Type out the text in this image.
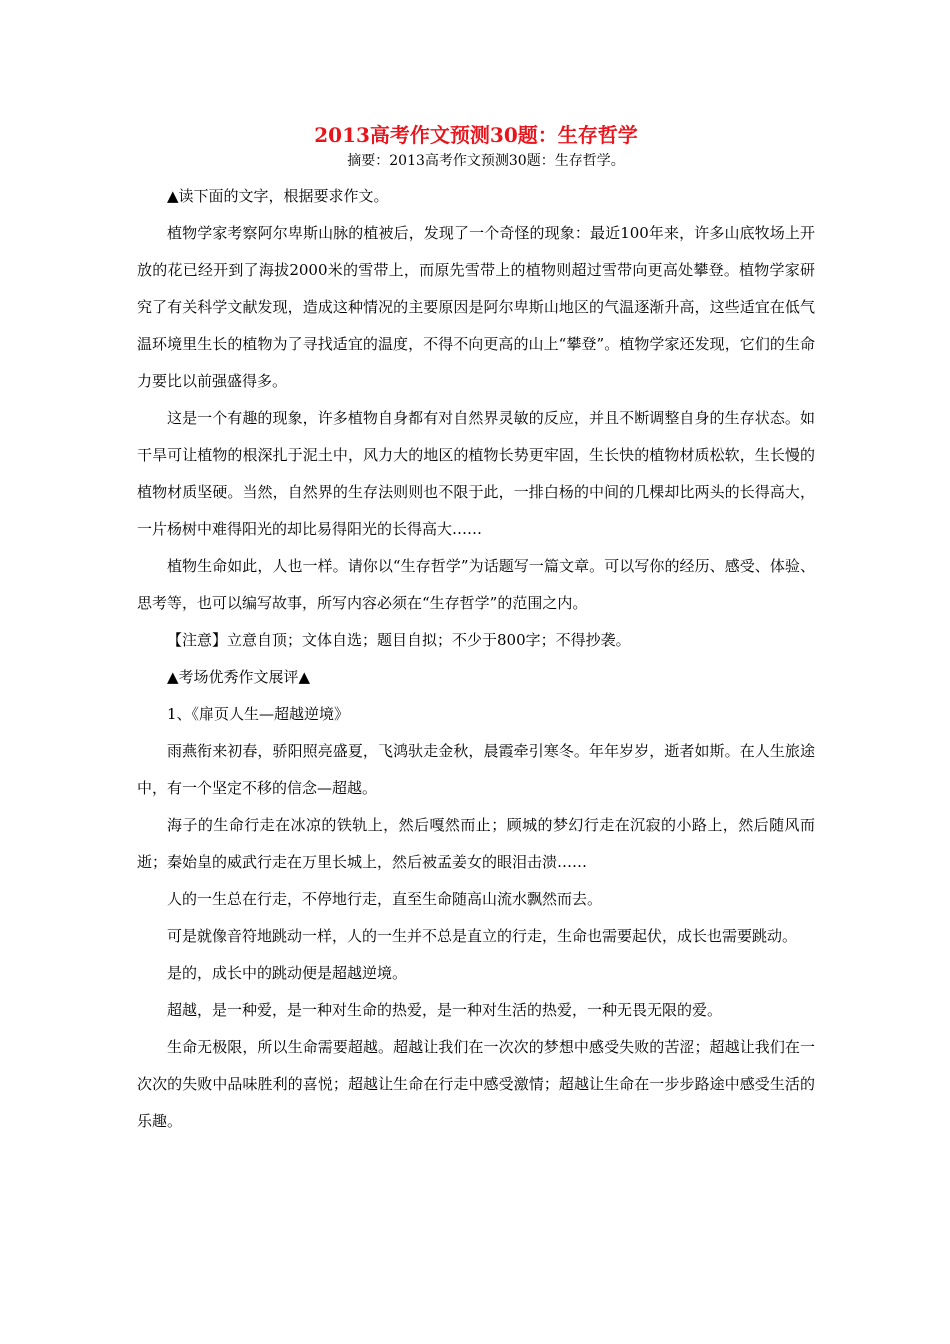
2013高考作文预测30题：生存哲学

摘要：2013高考作文预测30题：生存哲学。

▲读下面的文字，根据要求作文。

植物学家考察阿尔卑斯山脉的植被后，发现了一个奇怪的现象：最近100年来，许多山底牧场上开放的花已经开到了海拔2000米的雪带上，而原先雪带上的植物则超过雪带向更高处攀登。植物学家研究了有关科学文献发现，造成这种情况的主要原因是阿尔卑斯山地区的气温逐渐升高，这些适宜在低气温环境里生长的植物为了寻找适宜的温度，不得不向更高的山上“攀登”。植物学家还发现，它们的生命力要比以前强盛得多。

这是一个有趣的现象，许多植物自身都有对自然界灵敏的反应，并且不断调整自身的生存状态。如干旱可让植物的根深扎于泥土中，风力大的地区的植物长势更牢固，生长快的植物材质松软，生长慢的植物材质坚硬。当然，自然界的生存法则则也不限于此，一排白杨的中间的几棵却比两头的长得高大，一片杨树中难得阳光的却比易得阳光的长得高大……

植物生命如此，人也一样。请你以“生存哲学”为话题写一篇文章。可以写你的经历、感受、体验、思考等，也可以编写故事，所写内容必须在“生存哲学”的范围之内。

【注意】立意自顶；文体自选；题目自拟；不少于800字；不得抄袭。

▲考场优秀作文展评▲

1、《扉页人生—超越逆境》

雨燕衔来初春，骄阳照亮盛夏，飞鸿驮走金秋，晨霞牵引寒冬。年年岁岁，逝者如斯。在人生旅途中，有一个坚定不移的信念—超越。

海子的生命行走在冰凉的铁轨上，然后嘎然而止；顾城的梦幻行走在沉寂的小路上，然后随风而逝；秦始皇的威武行走在万里长城上，然后被孟姜女的眼泪击溃……

人的一生总在行走，不停地行走，直至生命随高山流水飘然而去。

可是就像音符地跳动一样，人的一生并不总是直立的行走，生命也需要起伏，成长也需要跳动。

是的，成长中的跳动便是超越逆境。

超越，是一种爱，是一种对生命的热爱，是一种对生活的热爱，一种无畏无限的爱。

生命无极限，所以生命需要超越。超越让我们在一次次的梦想中感受失败的苦涩；超越让我们在一次次的失败中品味胜利的喜悦；超越让生命在行走中感受激情；超越让生命在一步步路途中感受生活的乐趣。
